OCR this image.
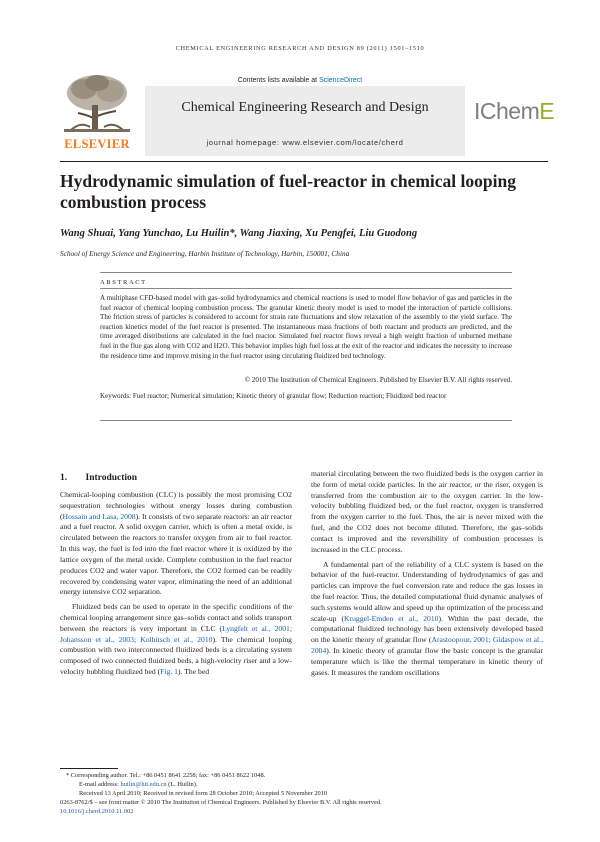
CHEMICAL ENGINEERING RESEARCH AND DESIGN 89 (2011) 1501–1510
ELSEVIER
Contents lists available at ScienceDirect
Chemical Engineering Research and Design
journal homepage: www.elsevier.com/locate/cherd
IChemE
Hydrodynamic simulation of fuel-reactor in chemical looping combustion process
Wang Shuai, Yang Yunchao, Lu Huilin*, Wang Jiaxing, Xu Pengfei, Liu Guodong
School of Energy Science and Engineering, Harbin Institute of Technology, Harbin, 150001, China
ABSTRACT
A multiphase CFD-based model with gas–solid hydrodynamics and chemical reactions is used to model flow behavior of gas and particles in the fuel reactor of chemical looping combustion process. The granular kinetic theory model is used to model the interaction of particle collisions. The friction stress of particles is considered to account for strain rate fluctuations and slow relaxation of the assembly to the yield surface. The reaction kinetics model of the fuel reactor is presented. The instantaneous mass fractions of both reactant and products are predicted, and the time averaged distributions are calculated in the fuel reactor. Simulated fuel reactor flows reveal a high weight fraction of unburned methane fuel in the flue gas along with CO2 and H2O. This behavior implies high fuel loss at the exit of the reactor and indicates the necessity to increase the residence time and improve mixing in the fuel reactor using circulating fluidized bed technology.
© 2010 The Institution of Chemical Engineers. Published by Elsevier B.V. All rights reserved.
Keywords: Fuel reactor; Numerical simulation; Kinetic theory of granular flow; Reduction reaction; Fluidized bed reactor
1. Introduction

Chemical-looping combustion (CLC) is possibly the most promising CO2 sequestration technologies without energy losses during combustion (Hossain and Lasa, 2008). It consists of two separate reactors: an air reactor and a fuel reactor. A solid oxygen carrier, which is often a metal oxide, is circulated between the reactors to transfer oxygen from air to fuel reactor. In this way, the fuel is fed into the fuel reactor where it is oxidized by the lattice oxygen of the metal oxide. Complete combustion in the fuel reactor produces CO2 and water vapor. Therefore, the CO2 formed can be readily recovered by condensing water vapor, eliminating the need of an additional energy intensive CO2 separation.

Fluidized beds can be used to operate in the specific conditions of the chemical looping arrangement since gas–solids contact and solids transport between the reactors is very important in CLC (Lyngfelt et al., 2001; Johansson et al., 2003; Kolbitsch et al., 2010). The chemical looping combustion with two interconnected fluidized beds is a circulating system composed of two connected fluidized beds, a high-velocity riser and a low-velocity bubbling fluidized bed (Fig. 1). The bed

material circulating between the two fluidized beds is the oxygen carrier in the form of metal oxide particles. In the air reactor, or the riser, oxygen is transferred from the combustion air to the oxygen carrier. In the low-velocity bubbling fluidized bed, or the fuel reactor, oxygen is transferred from the oxygen carrier to the fuel. Thus, the air is never mixed with the fuel, and the CO2 does not become diluted. Therefore, the gas–solids contact is improved and the reversibility of combustion processes is increased in the CLC process.

A fundamental part of the reliability of a CLC system is based on the behavior of the fuel-reactor. Understanding of hydrodynamics of gas and particles can improve the fuel conversion rate and reduce the gas losses in the fuel reactor. Thus, the detailed computational fluid dynamic analyses of such systems would allow and speed up the optimization of the process and scale-up (Kruggel-Emden et al., 2010). Within the past decade, the computational fluidized technology has been extensively developed based on the kinetic theory of granular flow (Arastoopour, 2001; Gidaspow et al., 2004). In kinetic theory of granular flow the basic concept is the granular temperature which is like the thermal temperature in kinetic theory of gases. It measures the random oscillations

* Corresponding author. Tel.: +86 0451 8641 2258; fax: +86 0451 8622 1048.
E-mail address: huilin@hit.edu.cn (L. Huilin).
Received 13 April 2010; Received in revised form 28 October 2010; Accepted 5 November 2010
0263-8762/$ – see front matter © 2010 The Institution of Chemical Engineers. Published by Elsevier B.V. All rights reserved.
10.1016/j.cherd.2010.11.002
